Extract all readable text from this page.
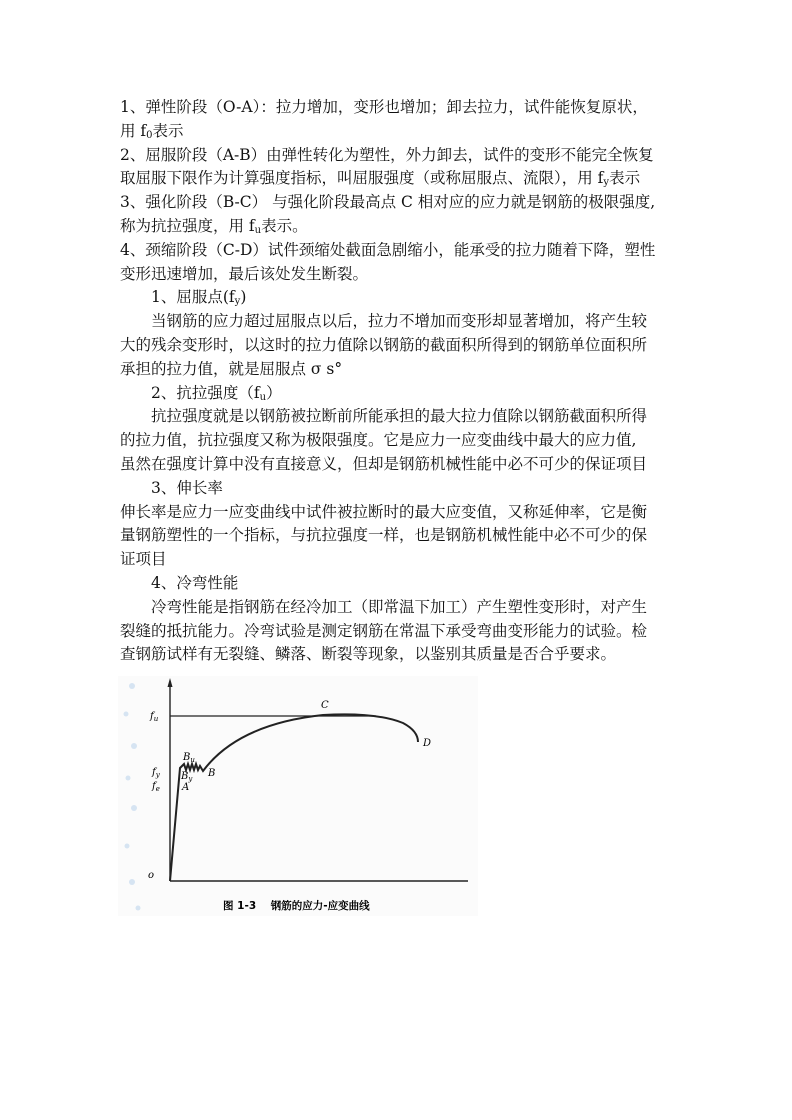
1、弹性阶段（O-A）：拉力增加，变形也增加；卸去拉力，试件能恢复原状，
用 $f_0$表示
2、屈服阶段（A-B）由弹性转化为塑性，外力卸去，试件的变形不能完全恢复
取屈服下限作为计算强度指标，叫屈服强度（或称屈服点、流限），用 $f_y$表示
3、强化阶段（B-C） 与强化阶段最高点 C 相对应的应力就是钢筋的极限强度,
称为抗拉强度，用 $f_u$表示。
4、颈缩阶段（C-D）试件颈缩处截面急剧缩小，能承受的拉力随着下降，塑性
变形迅速增加，最后该处发生断裂。
1、屈服点$(f_y)$
当钢筋的应力超过屈服点以后，拉力不增加而变形却显著增加，将产生较
大的残余变形时，以这时的拉力值除以钢筋的截面积所得到的钢筋单位面积所
承担的拉力值，就是屈服点 σ s°
2、抗拉强度$(f_u)$
抗拉强度就是以钢筋被拉断前所能承担的最大拉力值除以钢筋截面积所得
的拉力值，抗拉强度又称为极限强度。它是应力一应变曲线中最大的应力值,
虽然在强度计算中没有直接意义，但却是钢筋机械性能中必不可少的保证项目
3、伸长率
伸长率是应力一应变曲线中试件被拉断时的最大应变值，又称延伸率，它是衡
量钢筋塑性的一个指标，与抗拉强度一样，也是钢筋机械性能中必不可少的保
证项目
4、冷弯性能
冷弯性能是指钢筋在经冷加工（即常温下加工）产生塑性变形时，对产生
裂缝的抵抗能力。冷弯试验是测定钢筋在常温下承受弯曲变形能力的试验。检
查钢筋试样有无裂缝、鳞落、断裂等现象，以鉴别其质量是否合乎要求。
$f_u$
$f_y$
$f_e$
o
A
$B_u$
$B_y$ B
C
D
图 1-3    钢筋的应力-应变曲线
